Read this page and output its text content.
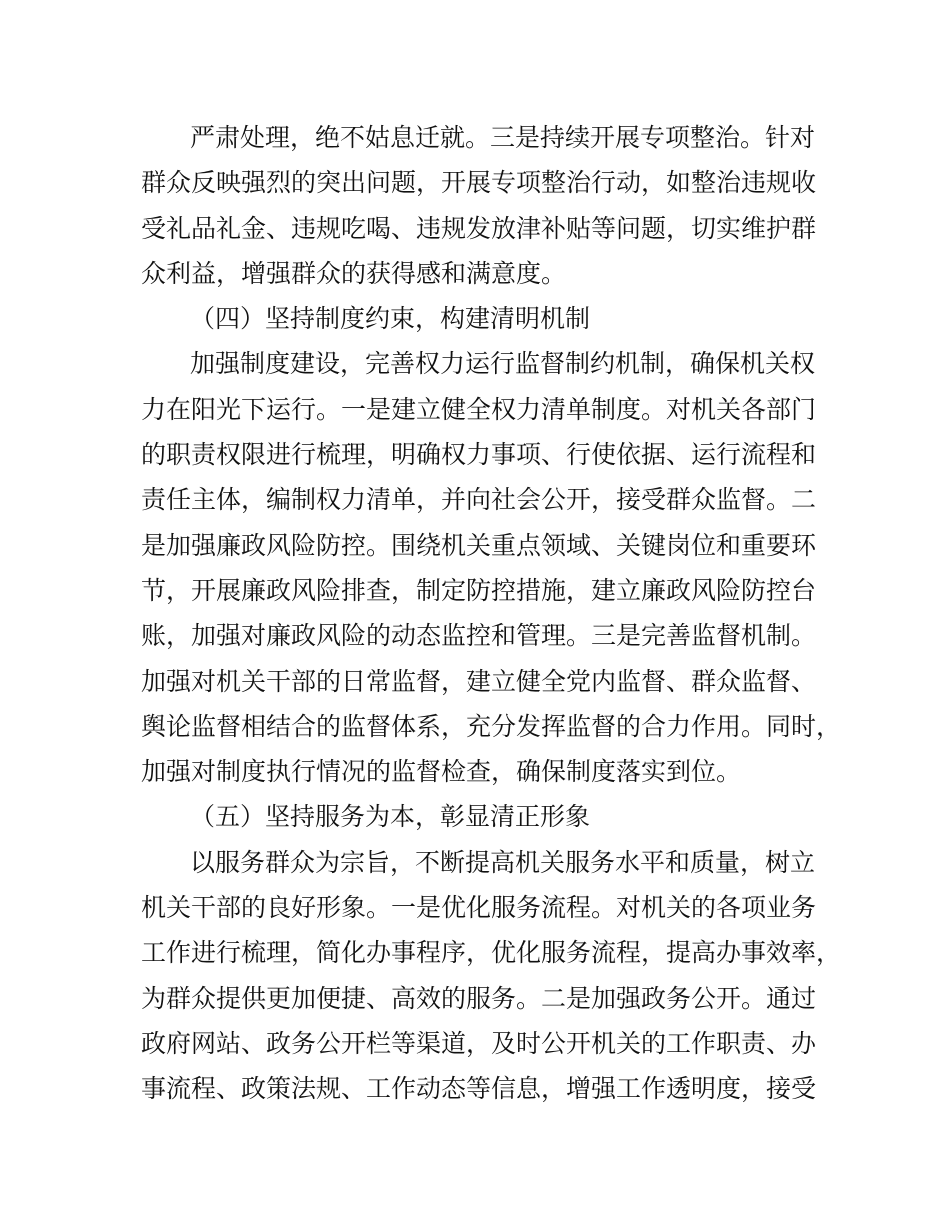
严肃处理，绝不姑息迁就。三是持续开展专项整治。针对
群众反映强烈的突出问题，开展专项整治行动，如整治违规收
受礼品礼金、违规吃喝、违规发放津补贴等问题，切实维护群
众利益，增强群众的获得感和满意度。
（四）坚持制度约束，构建清明机制
加强制度建设，完善权力运行监督制约机制，确保机关权
力在阳光下运行。一是建立健全权力清单制度。对机关各部门
的职责权限进行梳理，明确权力事项、行使依据、运行流程和
责任主体，编制权力清单，并向社会公开，接受群众监督。二
是加强廉政风险防控。围绕机关重点领域、关键岗位和重要环
节，开展廉政风险排查，制定防控措施，建立廉政风险防控台
账，加强对廉政风险的动态监控和管理。三是完善监督机制。
加强对机关干部的日常监督，建立健全党内监督、群众监督、
舆论监督相结合的监督体系，充分发挥监督的合力作用。同时，
加强对制度执行情况的监督检查，确保制度落实到位。
（五）坚持服务为本，彰显清正形象
以服务群众为宗旨，不断提高机关服务水平和质量，树立
机关干部的良好形象。一是优化服务流程。对机关的各项业务
工作进行梳理，简化办事程序，优化服务流程，提高办事效率，
为群众提供更加便捷、高效的服务。二是加强政务公开。通过
政府网站、政务公开栏等渠道，及时公开机关的工作职责、办
事流程、政策法规、工作动态等信息，增强工作透明度，接受
